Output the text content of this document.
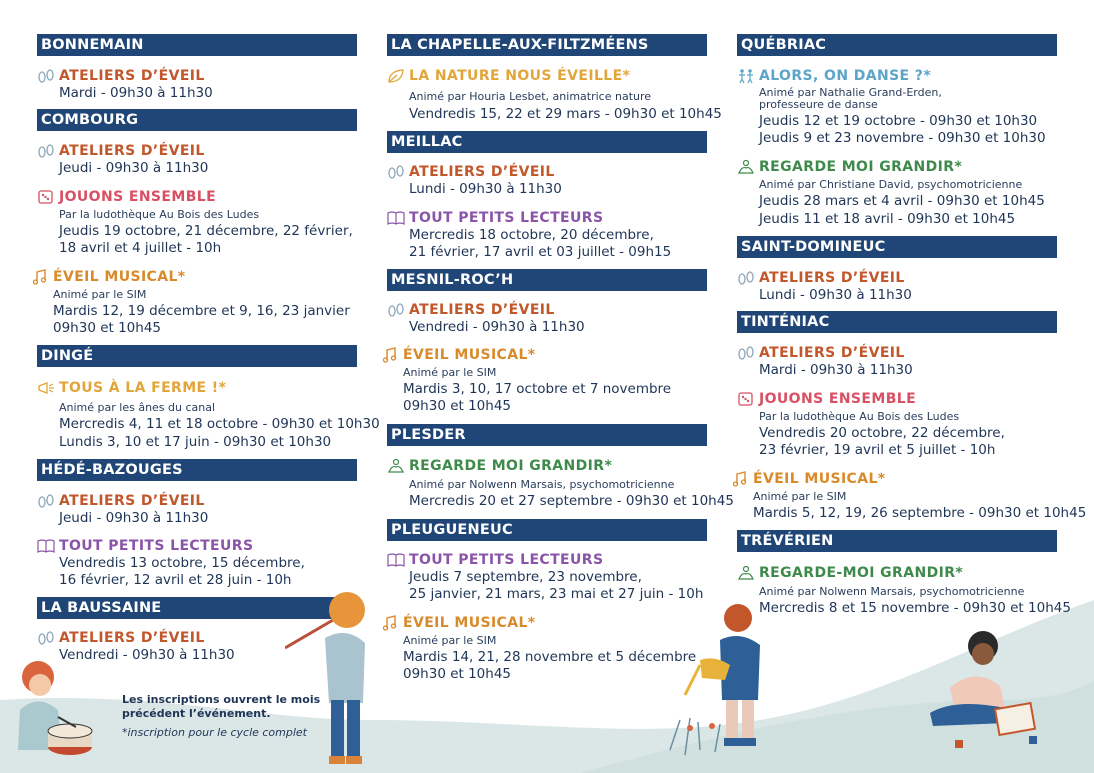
BONNEMAIN
ATELIERS D’ÉVEIL
Mardi - 09h30 à 11h30
COMBOURG
ATELIERS D’ÉVEIL
Jeudi - 09h30 à 11h30
JOUONS ENSEMBLE
Par la ludothèque Au Bois des Ludes
Jeudis 19 octobre, 21 décembre, 22 février,
18 avril et 4 juillet - 10h
ÉVEIL MUSICAL*
Animé par le SIM
Mardis 12, 19 décembre et 9, 16, 23 janvier
09h30 et 10h45
DINGÉ
TOUS À LA FERME !*
Animé par les ânes du canal
Mercredis 4, 11 et 18 octobre - 09h30 et 10h30
Lundis 3, 10 et 17 juin - 09h30 et 10h30
HÉDÉ-BAZOUGES
ATELIERS D’ÉVEIL
Jeudi - 09h30 à 11h30
TOUT PETITS LECTEURS
Vendredis 13 octobre, 15 décembre,
16 février, 12 avril et 28 juin - 10h
LA BAUSSAINE
ATELIERS D’ÉVEIL
Vendredi - 09h30 à 11h30
Les inscriptions ouvrent le mois
précédent l’événement.
*inscription pour le cycle complet
LA CHAPELLE-AUX-FILTZMÉENS
LA NATURE NOUS ÉVEILLE*
Animé par Houria Lesbet, animatrice nature
Vendredis 15, 22 et 29 mars - 09h30 et 10h45
MEILLAC
ATELIERS D’ÉVEIL
Lundi - 09h30 à 11h30
TOUT PETITS LECTEURS
Mercredis 18 octobre, 20 décembre,
21 février, 17 avril et 03 juillet - 09h15
MESNIL-ROC’H
ATELIERS D’ÉVEIL
Vendredi - 09h30 à 11h30
ÉVEIL MUSICAL*
Animé par le SIM
Mardis 3, 10, 17 octobre et 7 novembre
09h30 et 10h45
PLESDER
REGARDE MOI GRANDIR*
Animé par Nolwenn Marsais, psychomotricienne
Mercredis 20 et 27 septembre - 09h30 et 10h45
PLEUGUENEUC
TOUT PETITS LECTEURS
Jeudis 7 septembre, 23 novembre,
25 janvier, 21 mars, 23 mai et 27 juin - 10h
ÉVEIL MUSICAL*
Animé par le SIM
Mardis 14, 21, 28 novembre et 5 décembre
09h30 et 10h45
QUÉBRIAC
ALORS, ON DANSE ?*
Animé par Nathalie Grand-Erden,
professeure de danse
Jeudis 12 et 19 octobre - 09h30 et 10h30
Jeudis 9 et 23 novembre - 09h30 et 10h30
REGARDE MOI GRANDIR*
Animé par Christiane David, psychomotricienne
Jeudis 28 mars et 4 avril - 09h30 et 10h45
Jeudis 11 et 18 avril - 09h30 et 10h45
SAINT-DOMINEUC
ATELIERS D’ÉVEIL
Lundi - 09h30 à 11h30
TINTÉNIAC
ATELIERS D’ÉVEIL
Mardi - 09h30 à 11h30
JOUONS ENSEMBLE
Par la ludothèque Au Bois des Ludes
Vendredis 20 octobre, 22 décembre,
23 février, 19 avril et 5 juillet - 10h
ÉVEIL MUSICAL*
Animé par le SIM
Mardis 5, 12, 19, 26 septembre - 09h30 et 10h45
TRÉVÉRIEN
REGARDE-MOI GRANDIR*
Animé par Nolwenn Marsais, psychomotricienne
Mercredis 8 et 15 novembre - 09h30 et 10h45
